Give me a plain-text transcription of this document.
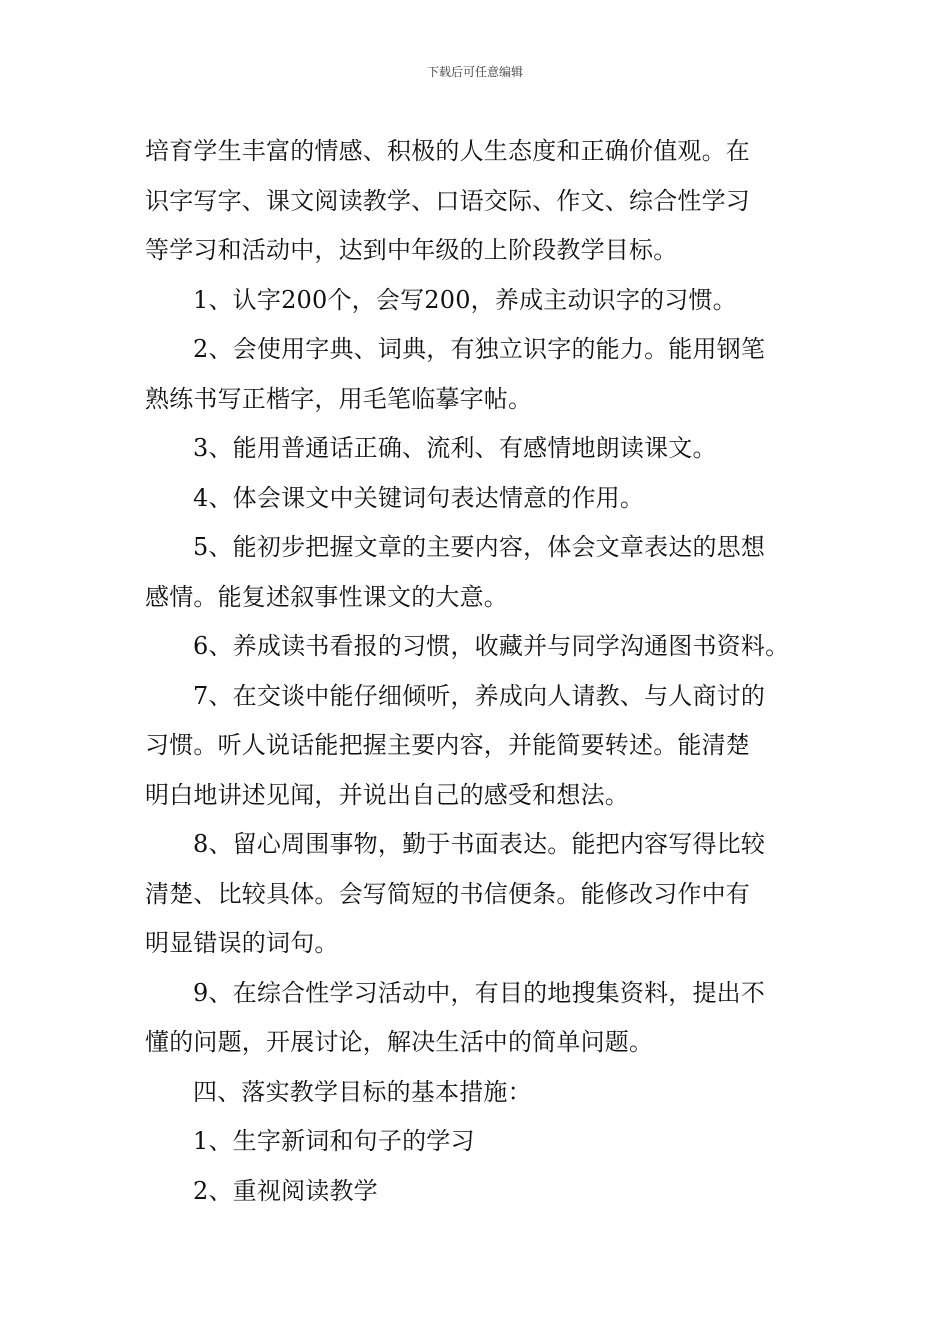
下载后可任意编辑
培育学生丰富的情感、积极的人生态度和正确价值观。在
识字写字、课文阅读教学、口语交际、作文、综合性学习
等学习和活动中，达到中年级的上阶段教学目标。
1、认字200个，会写200，养成主动识字的习惯。
2、会使用字典、词典，有独立识字的能力。能用钢笔
熟练书写正楷字，用毛笔临摹字帖。
3、能用普通话正确、流利、有感情地朗读课文。
4、体会课文中关键词句表达情意的作用。
5、能初步把握文章的主要内容，体会文章表达的思想
感情。能复述叙事性课文的大意。
6、养成读书看报的习惯，收藏并与同学沟通图书资料。
7、在交谈中能仔细倾听，养成向人请教、与人商讨的
习惯。听人说话能把握主要内容，并能简要转述。能清楚
明白地讲述见闻，并说出自己的感受和想法。
8、留心周围事物，勤于书面表达。能把内容写得比较
清楚、比较具体。会写简短的书信便条。能修改习作中有
明显错误的词句。
9、在综合性学习活动中，有目的地搜集资料，提出不
懂的问题，开展讨论，解决生活中的简单问题。
四、落实教学目标的基本措施：
1、生字新词和句子的学习
2、重视阅读教学
